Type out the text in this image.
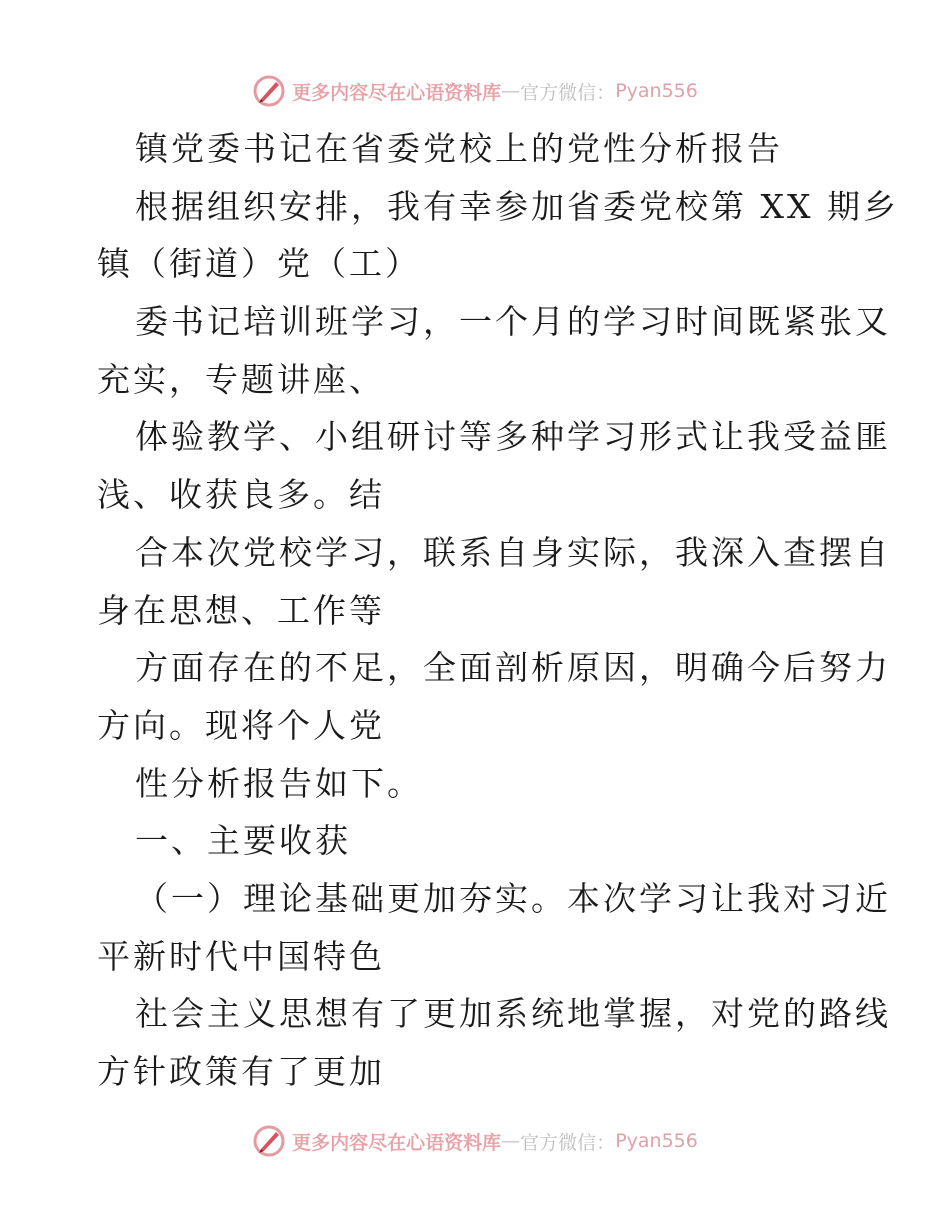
更多内容尽在心语资料库 — 官方微信： Pyan556
镇党委书记在省委党校上的党性分析报告
根据组织安排，我有幸参加省委党校第 XX 期乡
镇（街道）党（工）
委书记培训班学习，一个月的学习时间既紧张又
充实，专题讲座、
体验教学、小组研讨等多种学习形式让我受益匪
浅、收获良多。结
合本次党校学习，联系自身实际，我深入查摆自
身在思想、工作等
方面存在的不足，全面剖析原因，明确今后努力
方向。现将个人党
性分析报告如下。
一、主要收获
（一）理论基础更加夯实。本次学习让我对习近
平新时代中国特色
社会主义思想有了更加系统地掌握，对党的路线
方针政策有了更加
更多内容尽在心语资料库 — 官方微信： Pyan556
